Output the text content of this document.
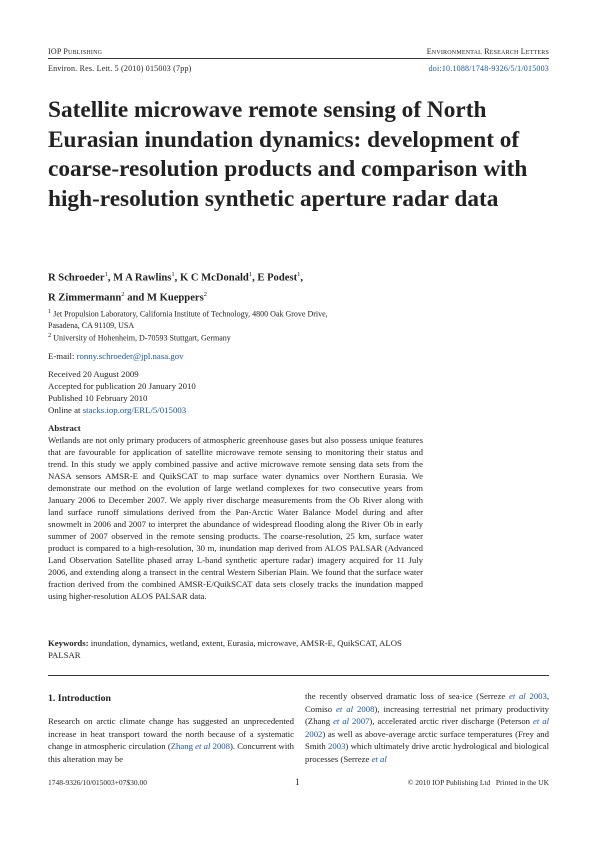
IOP Publishing	Environmental Research Letters
Environ. Res. Lett. 5 (2010) 015003 (7pp)	doi:10.1088/1748-9326/5/1/015003
Satellite microwave remote sensing of North Eurasian inundation dynamics: development of coarse-resolution products and comparison with high-resolution synthetic aperture radar data
R Schroeder$^1$, M A Rawlins$^1$, K C McDonald$^1$, E Podest$^1$,
R Zimmermann$^2$ and M Kueppers$^2$
$^1$ Jet Propulsion Laboratory, California Institute of Technology, 4800 Oak Grove Drive,
Pasadena, CA 91109, USA
$^2$ University of Hohenheim, D-70593 Stuttgart, Germany
E-mail: ronny.schroeder@jpl.nasa.gov
Received 20 August 2009
Accepted for publication 20 January 2010
Published 10 February 2010
Online at stacks.iop.org/ERL/5/015003
Abstract

Wetlands are not only primary producers of atmospheric greenhouse gases but also possess unique features that are favourable for application of satellite microwave remote sensing to monitoring their status and trend. In this study we apply combined passive and active microwave remote sensing data sets from the NASA sensors AMSR-E and QuikSCAT to map surface water dynamics over Northern Eurasia. We demonstrate our method on the evolution of large wetland complexes for two consecutive years from January 2006 to December 2007. We apply river discharge measurements from the Ob River along with land surface runoff simulations derived from the Pan-Arctic Water Balance Model during and after snowmelt in 2006 and 2007 to interpret the abundance of widespread flooding along the River Ob in early summer of 2007 observed in the remote sensing products. The coarse-resolution, 25 km, surface water product is compared to a high-resolution, 30 m, inundation map derived from ALOS PALSAR (Advanced Land Observation Satellite phased array L-band synthetic aperture radar) imagery acquired for 11 July 2006, and extending along a transect in the central Western Siberian Plain. We found that the surface water fraction derived from the combined AMSR-E/QuikSCAT data sets closely tracks the inundation mapped using higher-resolution ALOS PALSAR data.

Keywords: inundation, dynamics, wetland, extent, Eurasia, microwave, AMSR-E, QuikSCAT, ALOS PALSAR
1. Introduction

Research on arctic climate change has suggested an unprecedented increase in heat transport toward the north because of a systematic change in atmospheric circulation (Zhang et al 2008). Concurrent with this alteration may be

the recently observed dramatic loss of sea-ice (Serreze et al 2003, Comiso et al 2008), increasing terrestrial net primary productivity (Zhang et al 2007), accelerated arctic river discharge (Peterson et al 2002) as well as above-average arctic surface temperatures (Frey and Smith 2003) which ultimately drive arctic hydrological and biological processes (Serreze et al

1748-9326/10/015003+07$30.00	1	© 2010 IOP Publishing Ltd Printed in the UK
